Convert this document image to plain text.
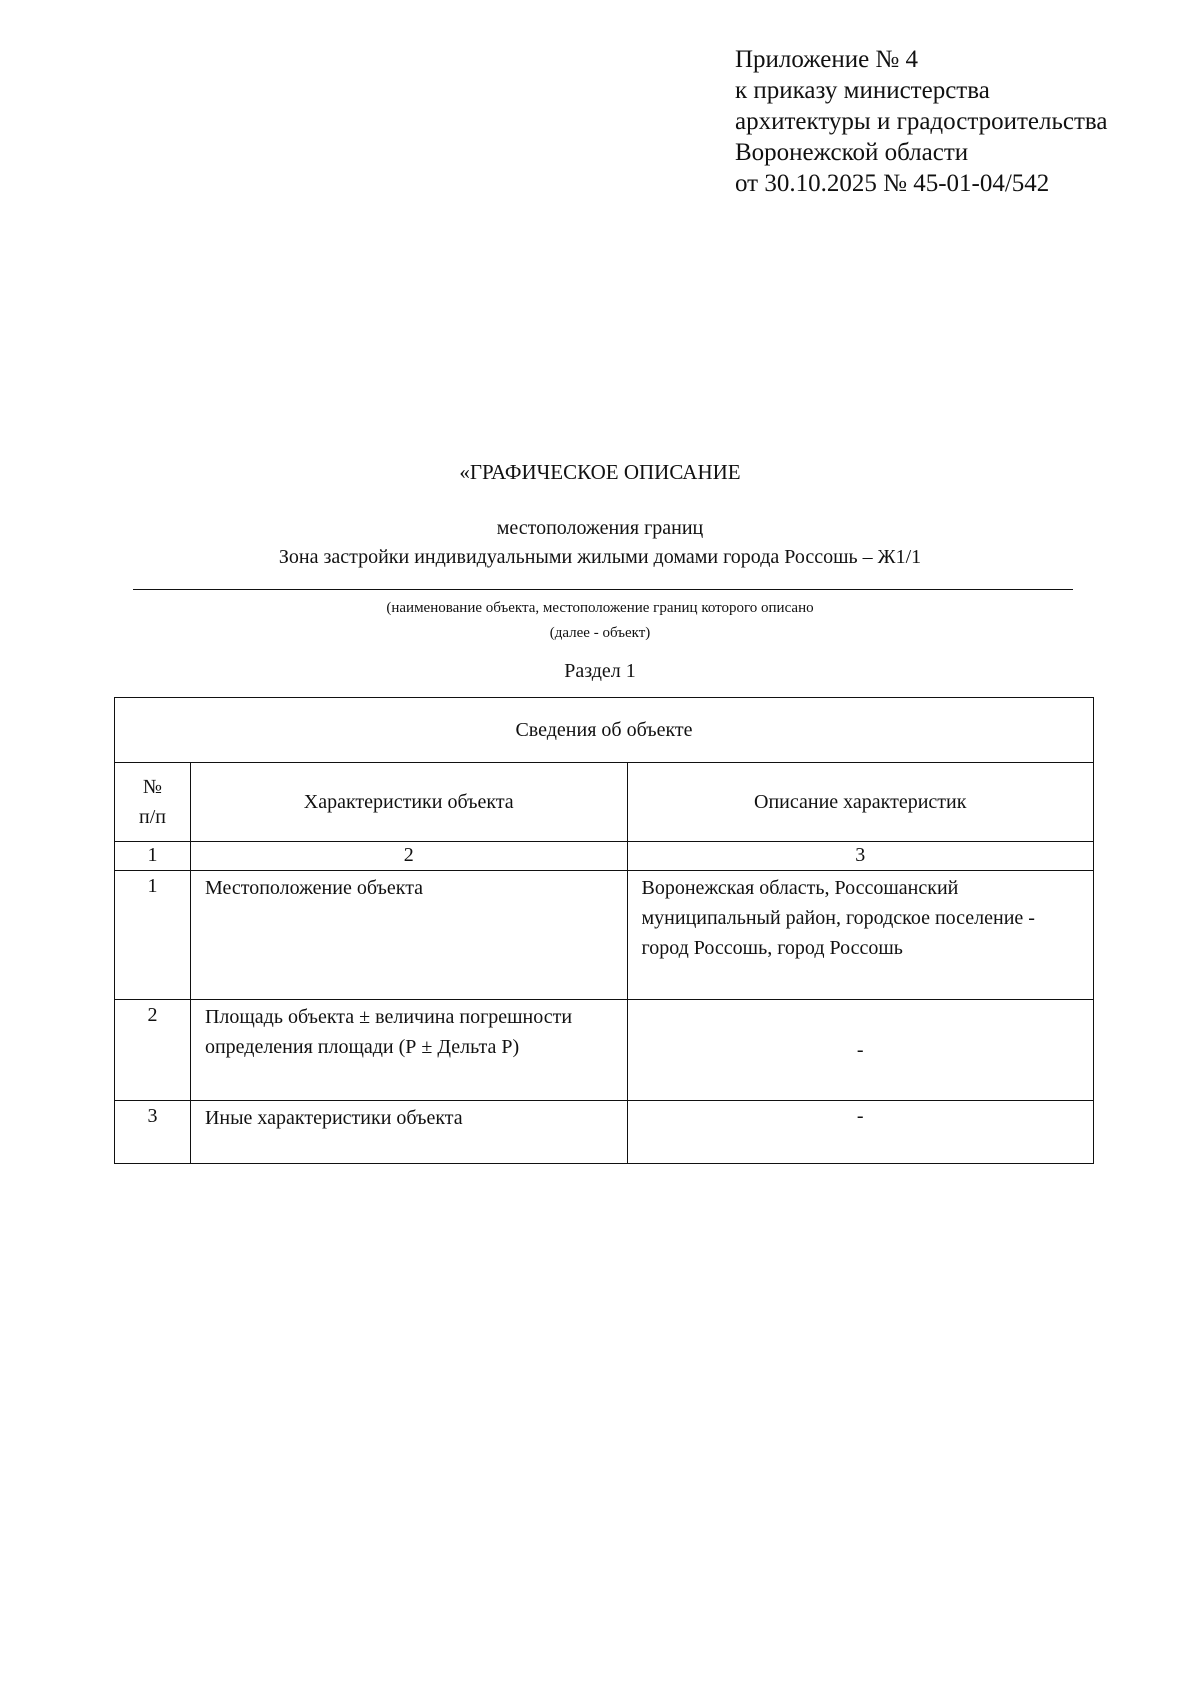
Приложение № 4
к приказу министерства
архитектуры и градостроительства
Воронежской области
от 30.10.2025 № 45-01-04/542
«ГРАФИЧЕСКОЕ ОПИСАНИЕ
местоположения границ
Зона застройки индивидуальными жилыми домами города Россошь – Ж1/1
(наименование объекта, местоположение границ которого описано
(далее - объект)
Раздел 1
Сведения об объекте		
№ п/п	Характеристики объекта	Описание характеристик
1	2	3
1	Местоположение объекта	Воронежская область, Россошанский муниципальный район, городское поселение - город Россошь, город Россошь
2	Площадь объекта ± величина погрешности определения площади (Р ± Дельта Р)	-
3	Иные характеристики объекта	-
